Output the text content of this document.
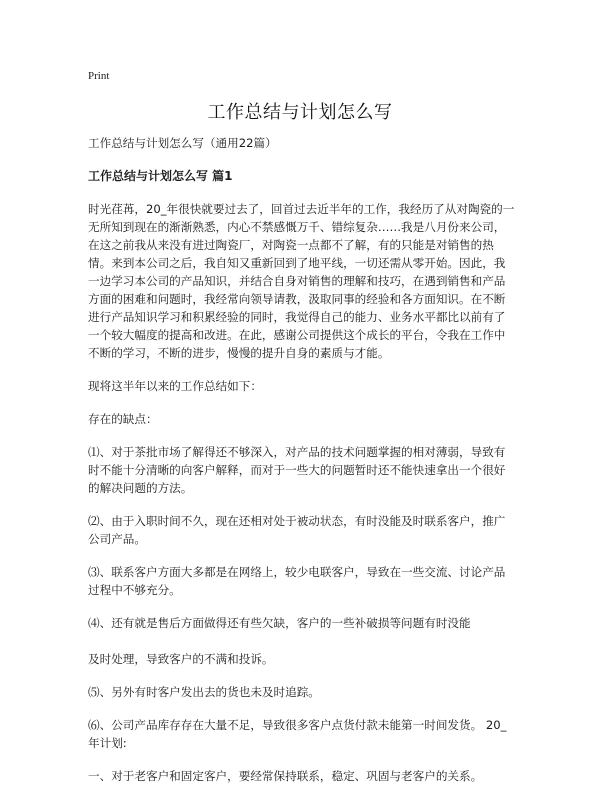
Print
工作总结与计划怎么写

工作总结与计划怎么写（通用22篇）

工作总结与计划怎么写 篇1

时光荏苒，20_年很快就要过去了，回首过去近半年的工作，我经历了从对陶瓷的一无所知到现在的渐渐熟悉，内心不禁感慨万千、错综复杂……我是八月份来公司，在这之前我从来没有进过陶瓷厂，对陶瓷一点都不了解，有的只能是对销售的热情。来到本公司之后，我自知又重新回到了地平线，一切还需从零开始。因此，我一边学习本公司的产品知识，并结合自身对销售的理解和技巧，在遇到销售和产品方面的困难和问题时，我经常向领导请教，汲取同事的经验和各方面知识。在不断进行产品知识学习和积累经验的同时，我觉得自己的能力、业务水平都比以前有了一个较大幅度的提高和改进。在此，感谢公司提供这个成长的平台，令我在工作中不断的学习，不断的进步，慢慢的提升自身的素质与才能。

现将这半年以来的工作总结如下：

存在的缺点：

⑴、对于茶批市场了解得还不够深入，对产品的技术问题掌握的相对薄弱，导致有时不能十分清晰的向客户解释，而对于一些大的问题暂时还不能快速拿出一个很好的解决问题的方法。

⑵、由于入职时间不久，现在还相对处于被动状态，有时没能及时联系客户，推广公司产品。

⑶、联系客户方面大多都是在网络上，较少电联客户，导致在一些交流、讨论产品过程中不够充分。

⑷、还有就是售后方面做得还有些欠缺，客户的一些补破损等问题有时没能

及时处理，导致客户的不满和投诉。

⑸、另外有时客户发出去的货也未及时追踪。

⑹、公司产品库存存在大量不足，导致很多客户点货付款未能第一时间发货。 20_年计划:

一、对于老客户和固定客户，要经常保持联系，稳定、巩固与老客户的关系。
